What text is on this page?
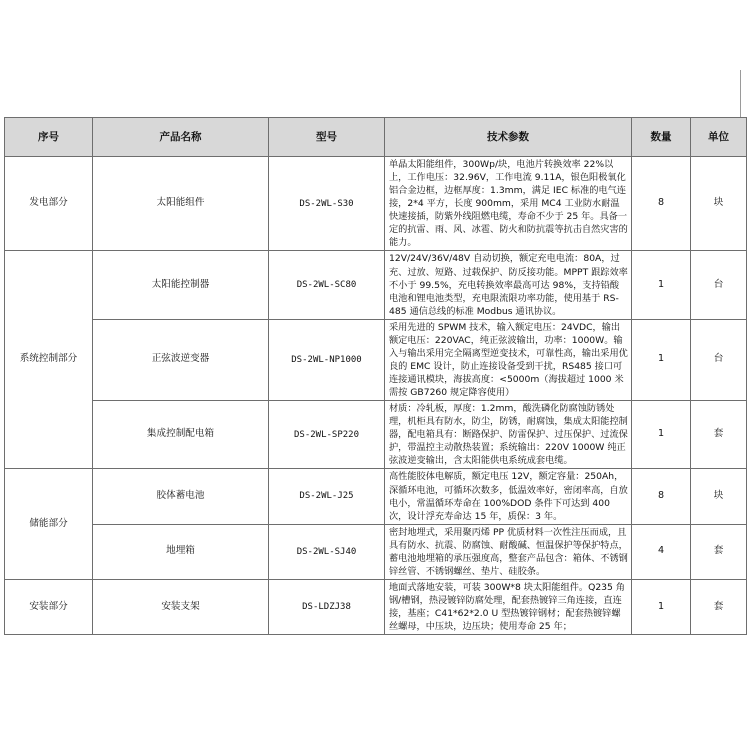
序号	产品名称	型号	技术参数	数量	单位
发电部分	太阳能组件	DS-2WL-S30	单晶太阳能组件，300Wp/块，电池片转换效率 22%以上，工作电压：32.96V，工作电流 9.11A，银色阳极氧化铝合金边框，边框厚度：1.3mm，满足 IEC 标准的电气连接，2*4 平方，长度 900mm，采用 MC4 工业防水耐温快速接插，防紫外线阻燃电缆，寿命不少于 25 年。具备一定的抗雷、雨、风、冰雹、防火和防抗震等抗击自然灾害的能力。	8	块
系统控制部分	太阳能控制器	DS-2WL-SC80	12V/24V/36V/48V 自动切换，额定充电电流：80A，过充、过放、短路、过载保护、防反接功能。MPPT 跟踪效率不小于 99.5%，充电转换效率最高可达 98%，支持铅酸电池和锂电池类型，充电限流限功率功能，使用基于 RS-485 通信总线的标准 Modbus 通讯协议。	1	台
	正弦波逆变器	DS-2WL-NP1000	采用先进的 SPWM 技术，输入额定电压：24VDC，输出额定电压：220VAC，纯正弦波输出，功率：1000W。输入与输出采用完全隔离型逆变技术，可靠性高，输出采用优良的 EMC 设计，防止连接设备受到干扰，RS485 接口可连接通讯模块，海拔高度：<5000m（海拔超过 1000 米需按 GB7260 规定降容使用）	1	台
	集成控制配电箱	DS-2WL-SP220	材质：冷轧板，厚度：1.2mm，酸洗磷化防腐蚀防锈处理，机柜具有防水，防尘，防锈，耐腐蚀，集成太阳能控制器，配电箱具有：断路保护、防雷保护、过压保护、过流保护，带温控主动散热装置；系统输出：220V 1000W 纯正弦波逆变输出，含太阳能供电系统成套电缆。	1	套
储能部分	胶体蓄电池	DS-2WL-J25	高性能胶体电解质，额定电压 12V，额定容量：250Ah，深循环电池，可循环次数多，低温效率好，密闭率高，自放电小，常温循环寿命在 100%DOD 条件下可达到 400 次，设计浮充寿命达 15 年，质保：3 年。	8	块
	地埋箱	DS-2WL-SJ40	密封地埋式，采用聚丙烯 PP 优质材料一次性注压而成，且具有防水、抗震、防腐蚀、耐酸碱、恒温保护等保护特点，蓄电池地埋箱的承压强度高，整套产品包含：箱体、不锈钢锌丝管、不锈钢螺丝、垫片、硅胶条。	4	套
安装部分	安装支架	DS-LDZJ38	地面式落地安装，可装 300W*8 块太阳能组件。Q235 角钢/槽钢，热浸镀锌防腐处理，配套热镀锌三角连接，直连接，基座；C41*62*2.0 U 型热镀锌钢材；配套热镀锌螺丝螺母，中压块，边压块；使用寿命 25 年；	1	套
